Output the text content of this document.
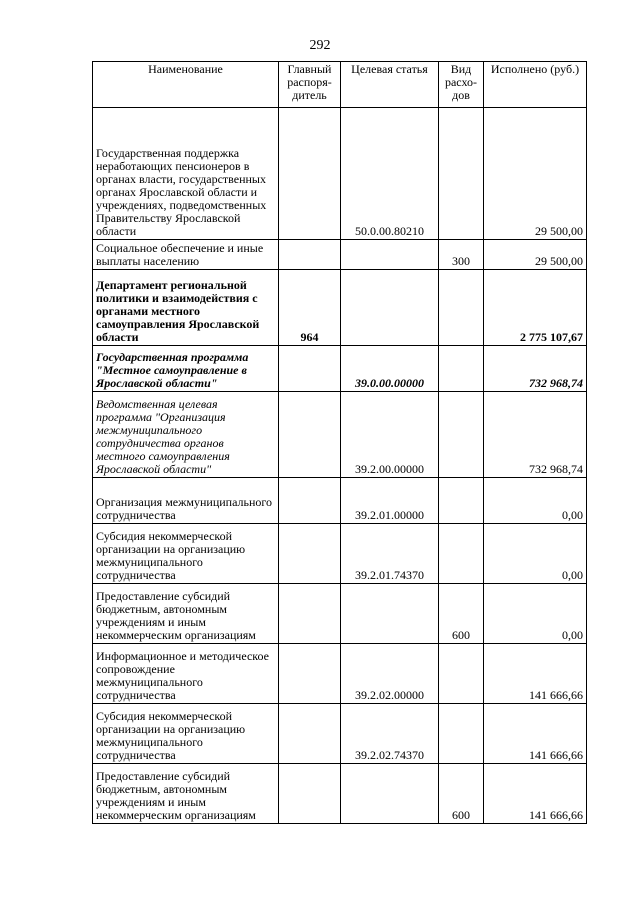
292
Наименование	Главный распоря-дитель	Целевая статья	Вид расхо-дов	Исполнено (руб.)
Государственная поддержка неработающих пенсионеров в органах власти, государственных органах Ярославской области и учреждениях, подведомственных Правительству Ярославской области		50.0.00.80210		29 500,00
Социальное обеспечение и иные выплаты населению			300	29 500,00
Департамент региональной политики и взаимодействия с органами местного самоуправления Ярославской области	964			2 775 107,67
Государственная программа "Местное самоуправление в Ярославской области"		39.0.00.00000		732 968,74
Ведомственная целевая программа "Организация межмуниципального сотрудничества органов местного самоуправления Ярославской области"		39.2.00.00000		732 968,74
Организация межмуниципального сотрудничества		39.2.01.00000		0,00
Субсидия некоммерческой организации на организацию межмуниципального сотрудничества		39.2.01.74370		0,00
Предоставление субсидий бюджетным, автономным учреждениям и иным некоммерческим организациям			600	0,00
Информационное и методическое сопровождение межмуниципального сотрудничества		39.2.02.00000		141 666,66
Субсидия некоммерческой организации на организацию межмуниципального сотрудничества		39.2.02.74370		141 666,66
Предоставление субсидий бюджетным, автономным учреждениям и иным некоммерческим организациям			600	141 666,66
